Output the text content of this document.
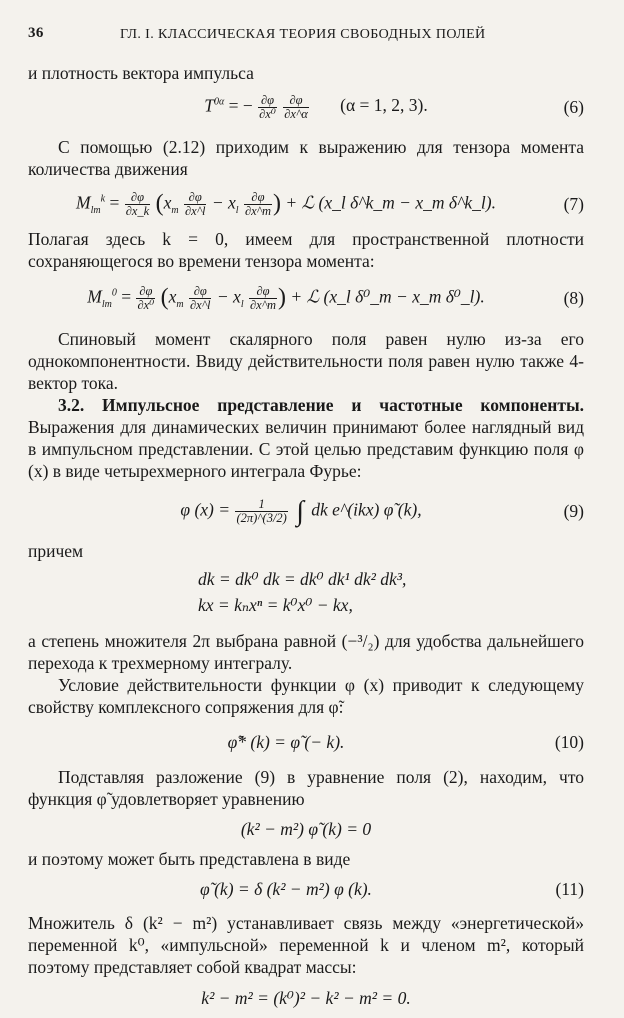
36	ГЛ. I. КЛАССИЧЕСКАЯ ТЕОРИЯ СВОБОДНЫХ ПОЛЕЙ

и плотность вектора импульса

$T^{0\alpha}$ = − $\frac{\partial\varphi}{\text{∂x⁰}}$
$\frac{\partial\varphi}{\partial x\^{}\alpha} (\alpha = 1$, 2, 3).	(6)

С помощью (2.12) приходим к выражению для тензора момента количества движения

$M_{lm}^k = \frac{\partial\varphi}{\partial x\_k} (x_m \frac{\partial\varphi}{\partial x\^{}l} - x_l \frac{\partial\varphi}{\partial x\^{}m}$ ) + ℒ (x_l δ^k_m − x_m δ^k_l).	(7)

Полагая здесь k = 0, имеем для пространственной плотности сохраняющегося во времени тензора момента:

$M_{lm}^0 = \frac{\partial\varphi}{\text{∂x⁰}} (x_m \frac{\partial\varphi}{\partial x\^{}l} - x_l \frac{\partial\varphi}{\partial x\^{}m}$ ) + ℒ (x_l δ⁰_m − x_m δ⁰_l).	(8)

Спиновый момент скалярного поля равен нулю из-за его однокомпонентности. Ввиду действительности поля равен нулю также 4-вектор тока.

3.2. Импульсное представление и частотные компоненты. Выражения для динамических величин принимают более наглядный вид в импульсном представлении. С этой целью представим функцию поля φ (x) в виде четырехмерного интеграла Фурье:

φ $(x) = \frac{1}{(2\pi)\^{}(3/2)}$ ∫ dk e^(ikx) φ̃ (k),	(9)

причем

dk = dk⁰ dk = dk⁰ dk¹ dk² dk³,
kx = kₙxⁿ = k⁰x⁰ − kx,

а степень множителя 2π выбрана равной (−³/₂) для удобства дальнейшего перехода к трехмерному интегралу.

Условие действительности функции φ (x) приводит к следующему свойству комплексного сопряжения для φ̃:

φ̃* (k) = φ̃ (− k).	(10)

Подставляя разложение (9) в уравнение поля (2), находим, что функция φ̃ удовлетворяет уравнению

(k² − m²) φ̃ (k) = 0

и поэтому может быть представлена в виде

φ̃ (k) = δ (k² − m²) φ (k).	(11)

Множитель δ (k² − m²) устанавливает связь между «энергетической» переменной k⁰, «импульсной» переменной k и членом m², который поэтому представляет собой квадрат массы:

k² − m² = (k⁰)² − k² − m² = 0.
